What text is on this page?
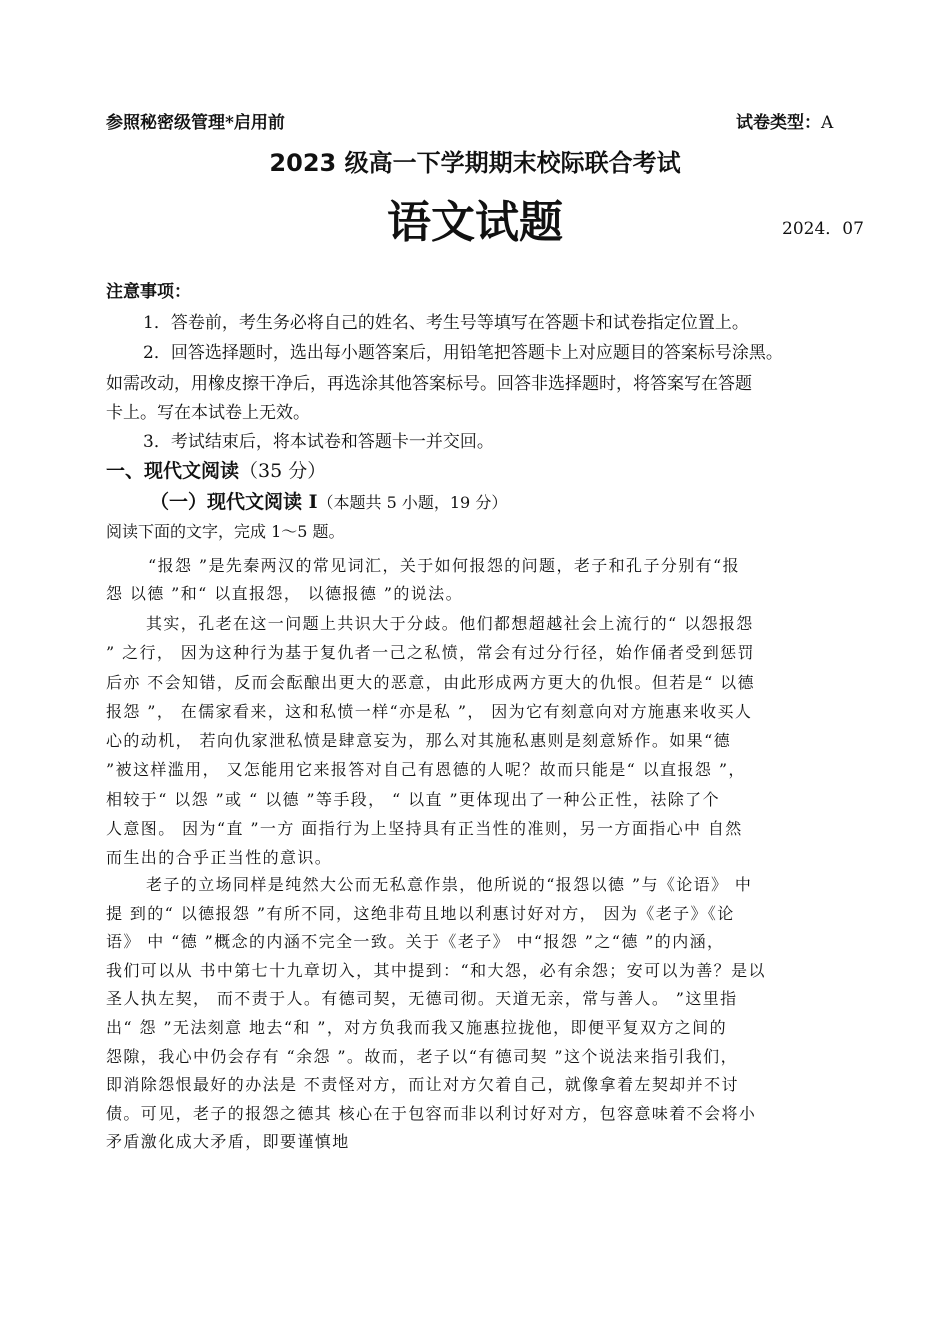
参照秘密级管理*启用前	试卷类型：A
2023 级高一下学期期末校际联合考试
语文试题	2024．07
注意事项：
1．答卷前，考生务必将自己的姓名、考生号等填写在答题卡和试卷指定位置上。
2．回答选择题时，选出每小题答案后，用铅笔把答题卡上对应题目的答案标号涂黑。
如需改动，用橡皮擦干净后，再选涂其他答案标号。回答非选择题时，将答案写在答题
卡上。写在本试卷上无效。
3．考试结束后，将本试卷和答题卡一并交回。
一、现代文阅读（35 分）
（一）现代文阅读 Ⅰ（本题共 5 小题，19 分）
阅读下面的文字，完成 1～5 题。
“报怨 ”是先秦两汉的常见词汇，关于如何报怨的问题，老子和孔子分别有“报
怨 以德 ”和“ 以直报怨， 以德报德 ”的说法。
其实，孔老在这一问题上共识大于分歧。他们都想超越社会上流行的“ 以怨报怨
” 之行， 因为这种行为基于复仇者一己之私愤，常会有过分行径，始作俑者受到惩罚
后亦 不会知错，反而会酝酿出更大的恶意，由此形成两方更大的仇恨。但若是“ 以德
报怨 ”， 在儒家看来，这和私愤一样“亦是私 ”， 因为它有刻意向对方施惠来收买人
心的动机， 若向仇家泄私愤是肆意妄为，那么对其施私惠则是刻意矫作。如果“德
”被这样滥用， 又怎能用它来报答对自己有恩德的人呢？故而只能是“ 以直报怨 ”，
相较于“ 以怨 ”或 “ 以德 ”等手段， “ 以直 ”更体现出了一种公正性，祛除了个
人意图。 因为“直 ”一方 面指行为上坚持具有正当性的准则，另一方面指心中 自然
而生出的合乎正当性的意识。
老子的立场同样是纯然大公而无私意作祟，他所说的“报怨以德 ”与《论语》 中
提 到的“ 以德报怨 ”有所不同，这绝非苟且地以利惠讨好对方， 因为《老子》《论
语》 中 “德 ”概念的内涵不完全一致。关于《老子》 中“报怨 ”之“德 ”的内涵，
我们可以从 书中第七十九章切入，其中提到：“和大怨，必有余怨；安可以为善？是以
圣人执左契， 而不责于人。有德司契，无德司彻。天道无亲，常与善人。 ”这里指
出“ 怨 ”无法刻意 地去“和 ”，对方负我而我又施惠拉拢他，即便平复双方之间的
怨隙，我心中仍会存有 “余怨 ”。故而，老子以“有德司契 ”这个说法来指引我们，
即消除怨恨最好的办法是 不责怪对方，而让对方欠着自己，就像拿着左契却并不讨
债。可见，老子的报怨之德其 核心在于包容而非以利讨好对方，包容意味着不会将小
矛盾激化成大矛盾，即要谨慎地
